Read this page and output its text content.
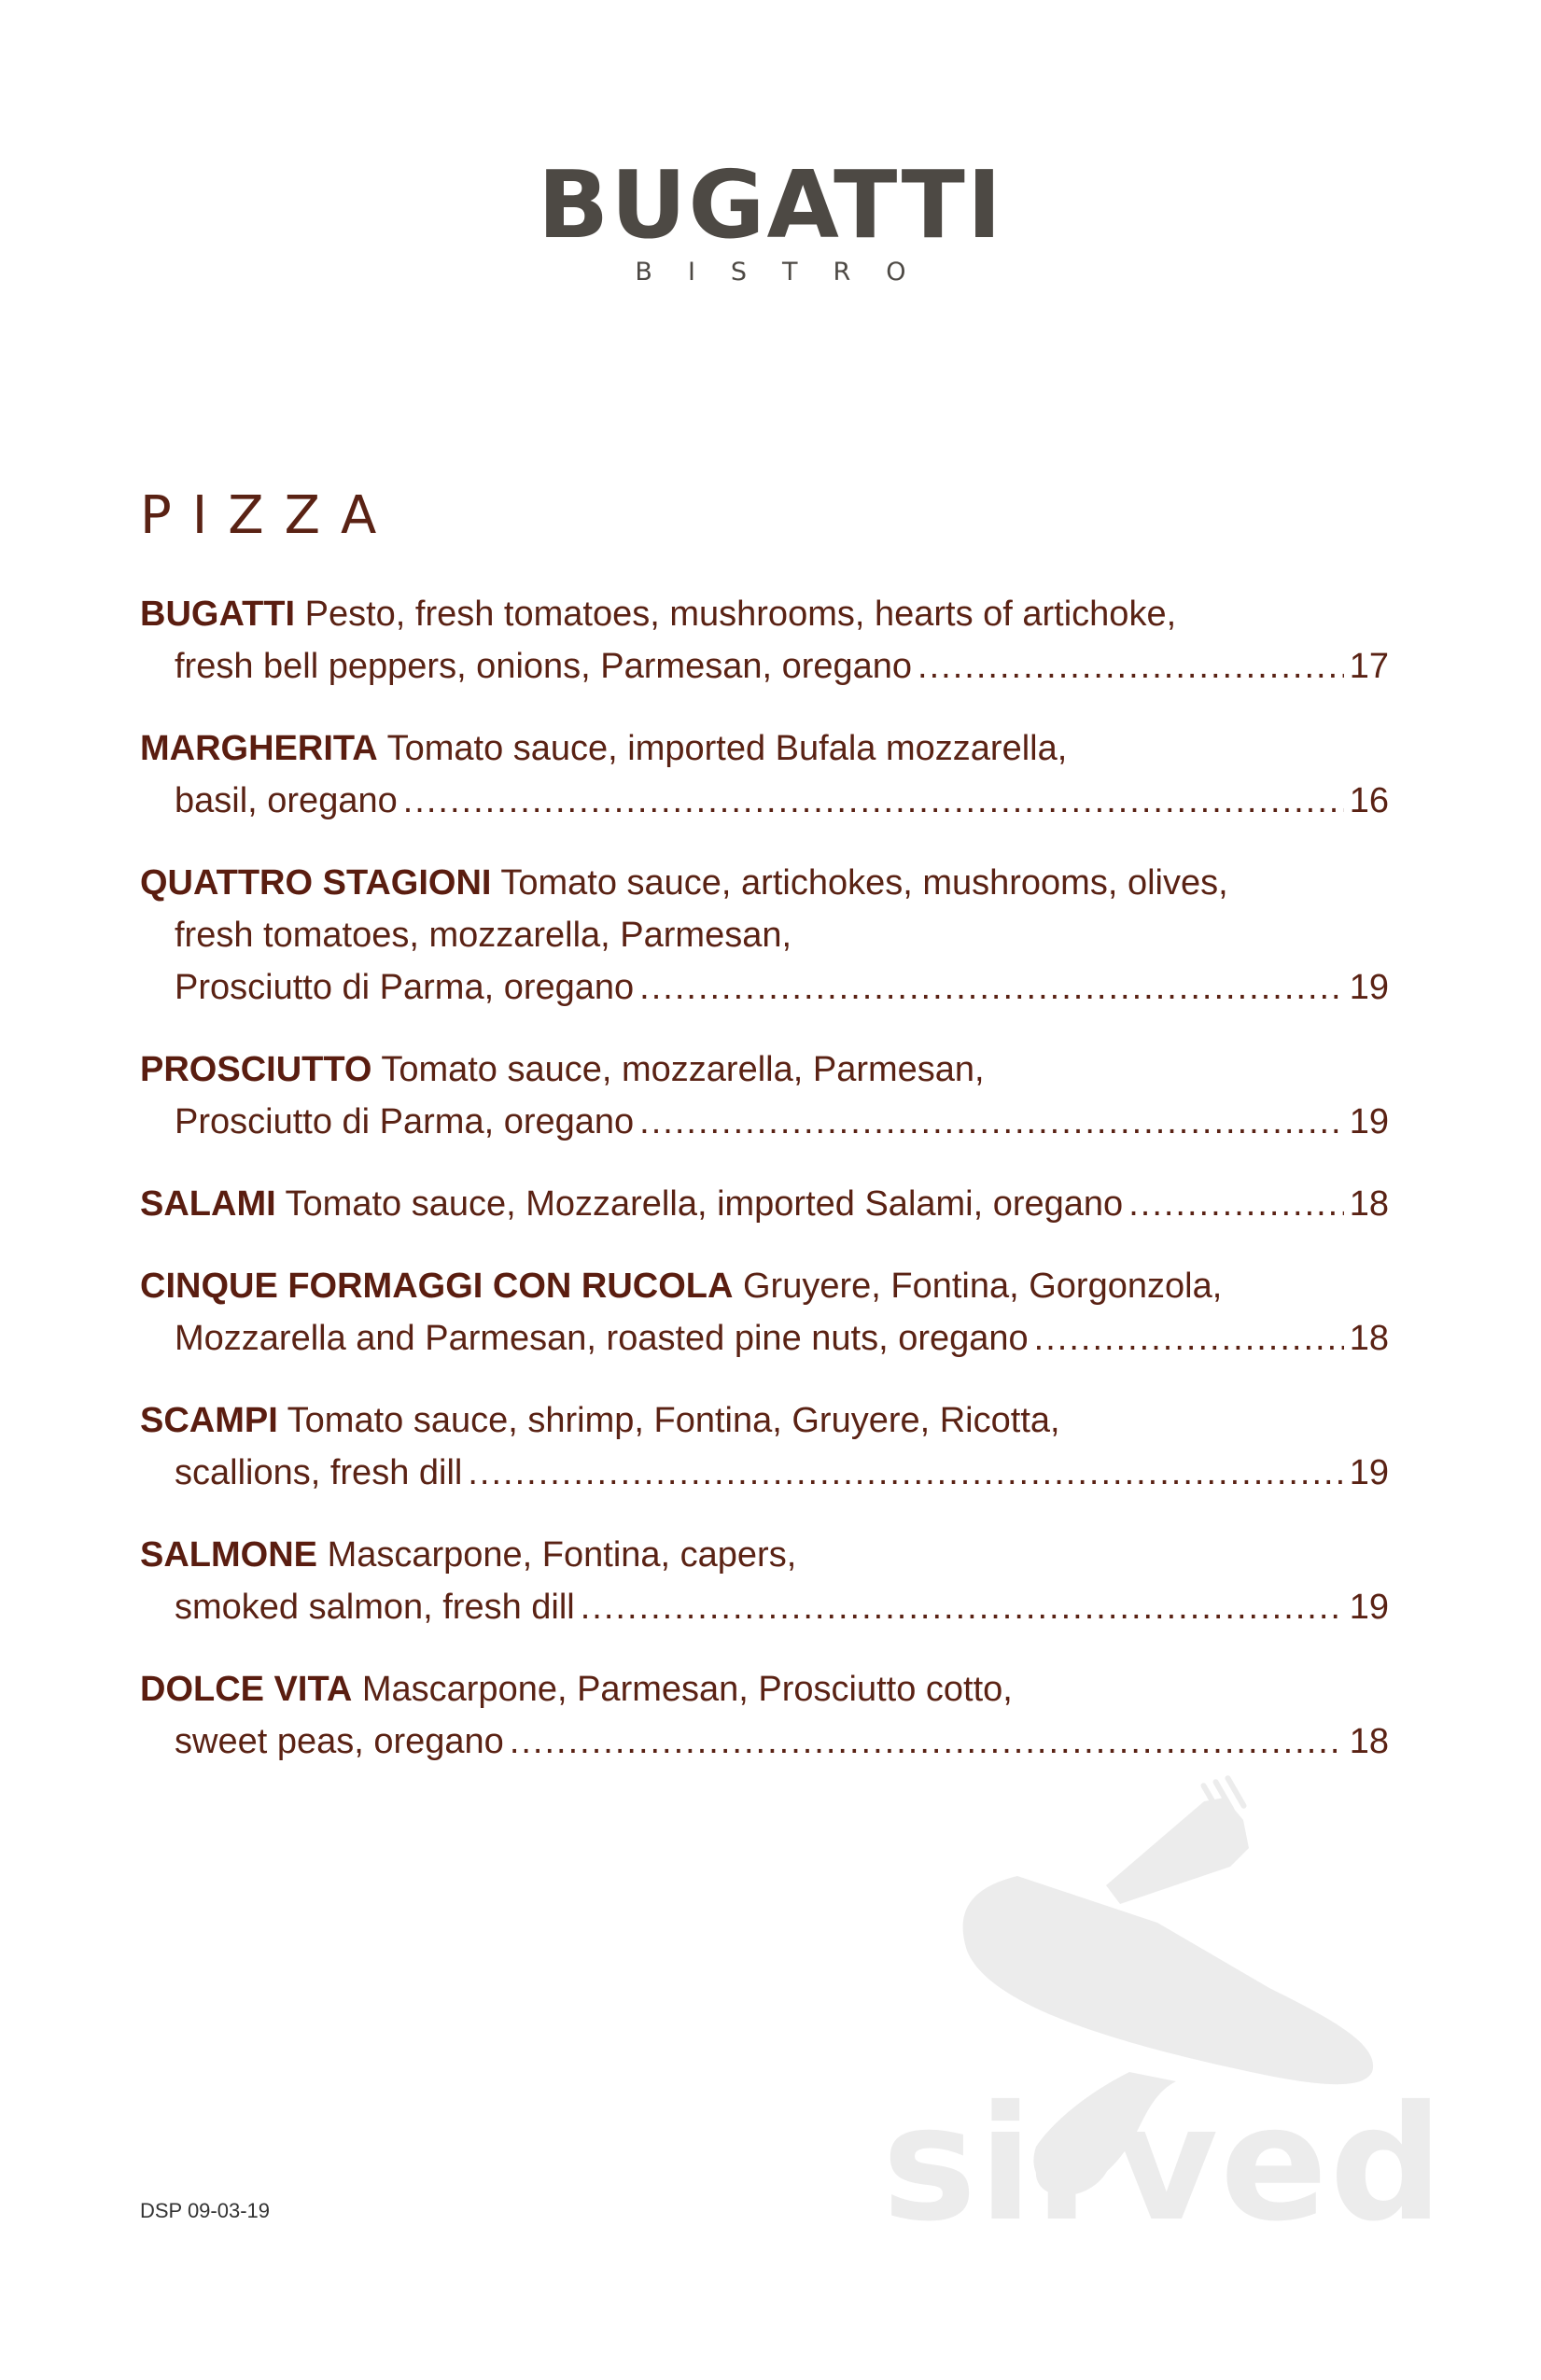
BUGATTI
BISTRO
PIZZA
BUGATTI Pesto, fresh tomatoes, mushrooms, hearts of artichoke,
fresh bell peppers, onions, Parmesan, oregano .....	17
MARGHERITA Tomato sauce, imported Bufala mozzarella,
basil, oregano .....	16
QUATTRO STAGIONI Tomato sauce, artichokes, mushrooms, olives,
fresh tomatoes, mozzarella, Parmesan,
Prosciutto di Parma, oregano .....	19
PROSCIUTTO Tomato sauce, mozzarella, Parmesan,
Prosciutto di Parma, oregano .....	19
SALAMI Tomato sauce, Mozzarella, imported Salami, oregano .....	18
CINQUE FORMAGGI CON RUCOLA Gruyere, Fontina, Gorgonzola,
Mozzarella and Parmesan, roasted pine nuts, oregano .....	18
SCAMPI Tomato sauce, shrimp, Fontina, Gruyere, Ricotta,
scallions, fresh dill .....	19
SALMONE Mascarpone, Fontina, capers,
smoked salmon, fresh dill .....	19
DOLCE VITA Mascarpone, Parmesan, Prosciutto cotto,
sweet peas, oregano .....	18
DSP 09-03-19	sirved
